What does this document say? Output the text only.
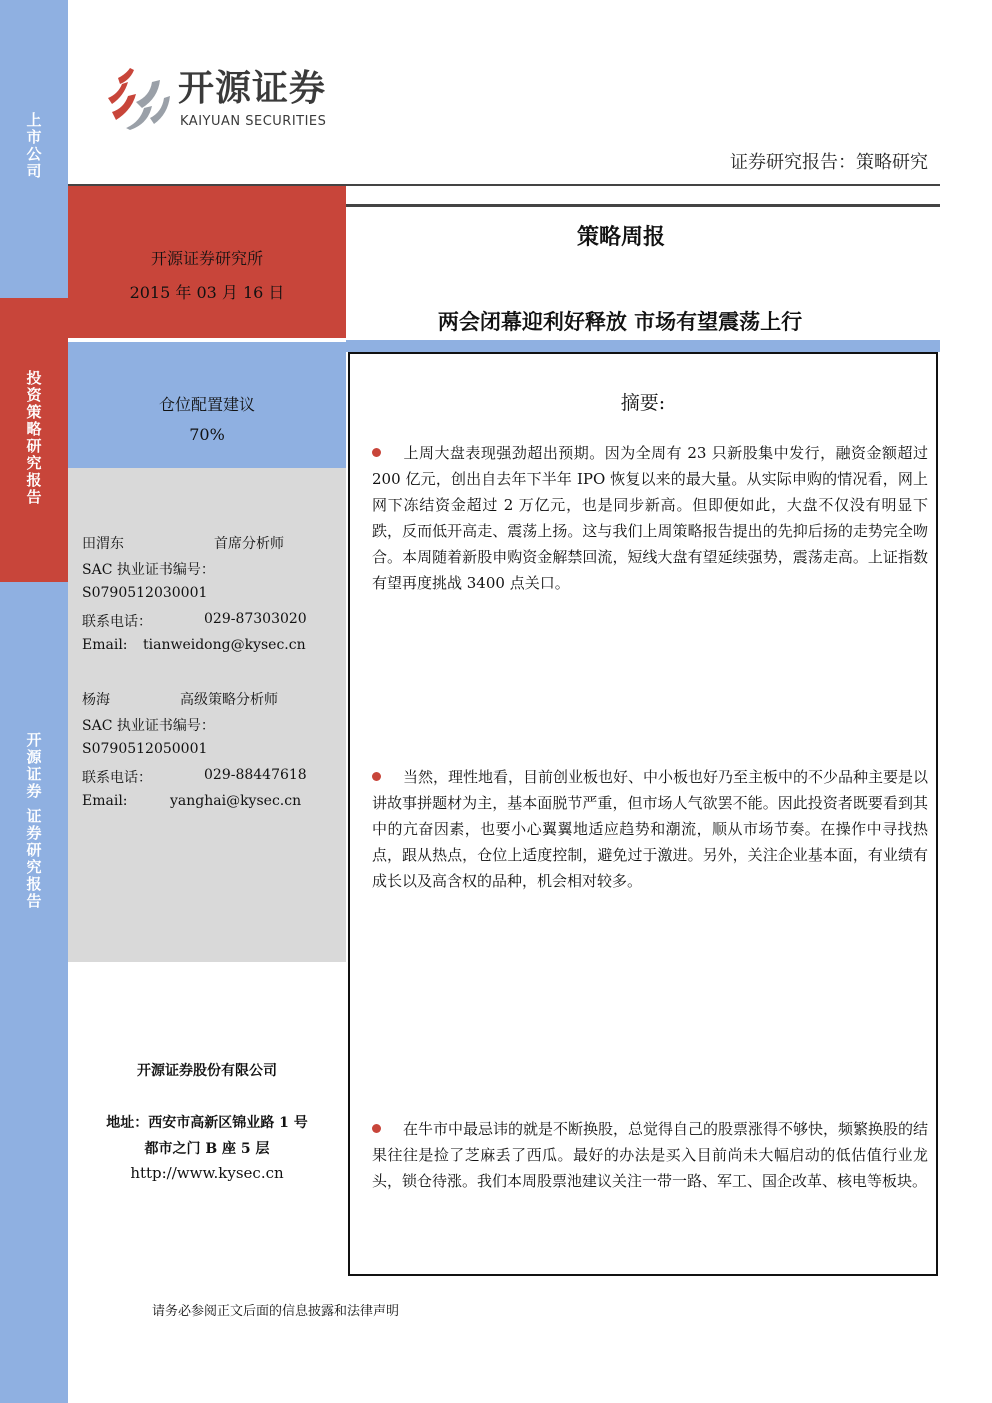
上
市
公
司
投
资
策
略
研
究
报
告
开
源
证
券

证
券
研
究
报
告
开源证券
KAIYUAN SECURITIES
证券研究报告：策略研究
开源证券研究所
2015 年 03 月 16 日
策略周报
两会闭幕迎利好释放 市场有望震荡上行
仓位配置建议
70%
田渭东	首席分析师
SAC 执业证书编号：
S0790512030001
联系电话：	029-87303020
Email: tianweidong@kysec.cn
杨海	高级策略分析师
SAC 执业证书编号：
S0790512050001
联系电话：	029-88447618
Email:	yanghai@kysec.cn
开源证券股份有限公司
地址：西安市高新区锦业路 1 号
都市之门 B 座 5 层
http://www.kysec.cn
摘要:
上周大盘表现强劲超出预期。因为全周有 23 只新股集中发行，融资金额超过 200 亿元，创出自去年下半年 IPO 恢复以来的最大量。从实际申购的情况看，网上网下冻结资金超过 2 万亿元，也是同步新高。但即便如此，大盘不仅没有明显下跌，反而低开高走、震荡上扬。这与我们上周策略报告提出的先抑后扬的走势完全吻合。本周随着新股申购资金解禁回流，短线大盘有望延续强势，震荡走高。上证指数有望再度挑战 3400 点关口。
当然，理性地看，目前创业板也好、中小板也好乃至主板中的不少品种主要是以讲故事拼题材为主，基本面脱节严重，但市场人气欲罢不能。因此投资者既要看到其中的亢奋因素，也要小心翼翼地适应趋势和潮流，顺从市场节奏。在操作中寻找热点，跟从热点，仓位上适度控制，避免过于激进。另外，关注企业基本面，有业绩有成长以及高含权的品种，机会相对较多。
在牛市中最忌讳的就是不断换股，总觉得自己的股票涨得不够快，频繁换股的结果往往是捡了芝麻丢了西瓜。最好的办法是买入目前尚未大幅启动的低估值行业龙头，锁仓待涨。我们本周股票池建议关注一带一路、军工、国企改革、核电等板块。
请务必参阅正文后面的信息披露和法律声明
